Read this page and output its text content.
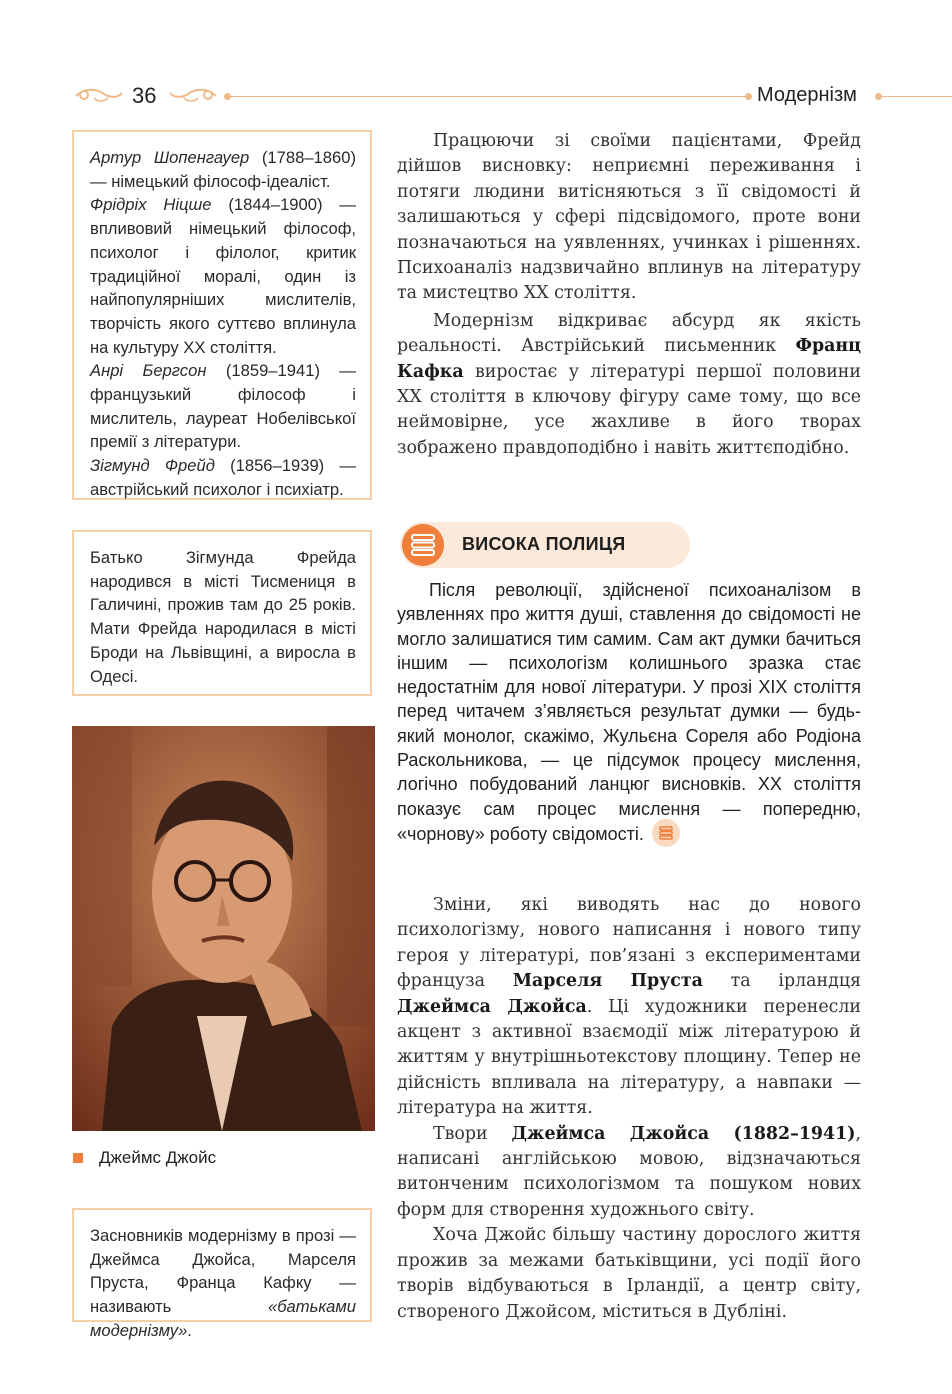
36	Модернізм

Артур Шопенгауер (1788–1860) — німецький філософ-ідеаліст.
Фрідріх Ніцше (1844–1900) — впливовий німецький філософ, психолог і філолог, критик традиційної моралі, один із найпопулярніших мислителів, творчість якого суттєво вплинула на культуру XX століття.
Анрі Бергсон (1859–1941) — французький філософ і мислитель, лауреат Нобелівської премії з літератури.
Зігмунд Фрейд (1856–1939) — австрійський психолог і психіатр.

Батько Зігмунда Фрейда народився в місті Тисмениця в Галичині, прожив там до 25 років. Мати Фрейда народилася в місті Броди на Львівщині, а виросла в Одесі.

Джеймс Джойс

Засновників модернізму в прозі — Джеймса Джойса, Марселя Пруста, Франца Кафку — називають «батьками модернізму».

Працюючи зі своїми пацієнтами, Фрейд дійшов висновку: неприємні переживання і потяги людини витісняються з її свідомості й залишаються у сфері підсвідомого, проте вони позначаються на уявленнях, учинках і рішеннях. Психоаналіз надзвичайно вплинув на літературу та мистецтво XX століття.

Модернізм відкриває абсурд як якість реальності. Австрійський письменник Франц Кафка виростає у літературі першої половини XX століття в ключову фігуру саме тому, що все неймовірне, усе жахливе в його творах зображено правдоподібно і навіть життєподібно.

ВИСОКА ПОЛИЦЯ

Після революції, здійсненої психоаналізом в уявленнях про життя душі, ставлення до свідомості не могло залишатися тим самим. Сам акт думки бачиться іншим — психологізм колишнього зразка стає недостатнім для нової літератури. У прозі XIX століття перед читачем з’являється результат думки — будь-який монолог, скажімо, Жульєна Сореля або Родіона Раскольникова, — це підсумок процесу мислення, логічно побудований ланцюг висновків. XX століття показує сам процес мислення — попередню, «чорнову» роботу свідомості.

Зміни, які виводять нас до нового психологізму, нового написання і нового типу героя у літературі, пов’язані з експериментами француза Марселя Пруста та ірландця Джеймса Джойса. Ці художники перенесли акцент з активної взаємодії між літературою й життям у внутрішньотекстову площину. Тепер не дійсність впливала на літературу, а навпаки — література на життя.

Твори Джеймса Джойса (1882–1941), написані англійською мовою, відзначаються витонченим психологізмом та пошуком нових форм для створення художнього світу.

Хоча Джойс більшу частину дорослого життя прожив за межами батьківщини, усі події його творів відбуваються в Ірландії, а центр світу, створеного Джойсом, міститься в Дубліні.
